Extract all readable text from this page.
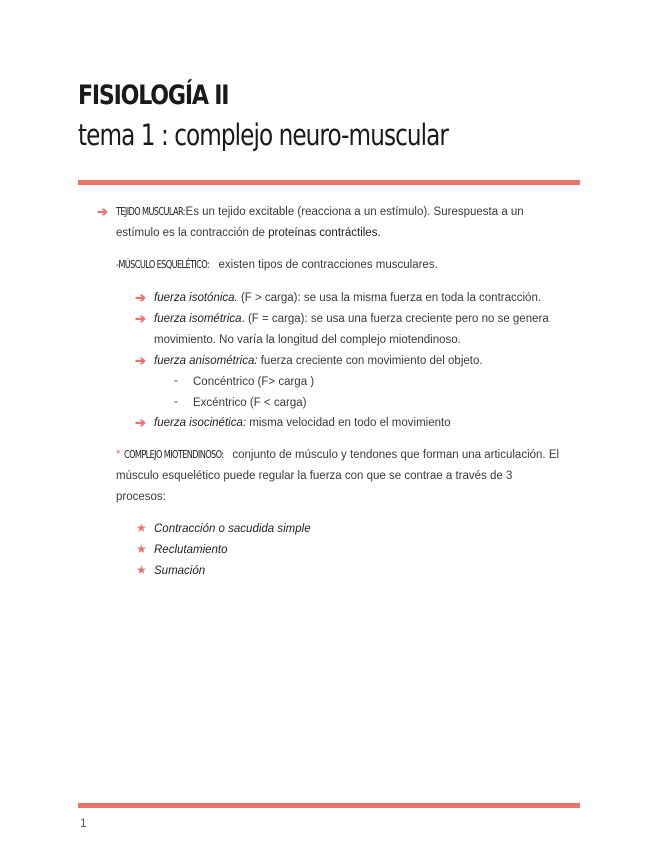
FISIOLOGÍA II
tema 1 : complejo neuro-muscular
➔ TEJIDO MUSCULAR: Es un tejido excitable (reacciona a un estímulo). Surespuesta a un
estímulo es la contracción de proteínas contráctiles.
-MÚSCULO ESQUELÉTICO: existen tipos de contracciones musculares.
➔ fuerza isotónica. (F > carga): se usa la misma fuerza en toda la contracción.
➔ fuerza isométrica. (F = carga): se usa una fuerza creciente pero no se genera
movimiento. No varía la longitud del complejo miotendinoso.
➔ fuerza anisométrica: fuerza creciente con movimiento del objeto.
- Concéntrico (F> carga )
- Excéntrico (F < carga)
➔ fuerza isocinética: misma velocidad en todo el movimiento
* COMPLEJO MIOTENDINOSO: conjunto de músculo y tendones que forman una articulación. El
músculo esquelético puede regular la fuerza con que se contrae a través de 3
procesos:
★ Contracción o sacudida simple
★ Reclutamiento
★ Sumación
1
